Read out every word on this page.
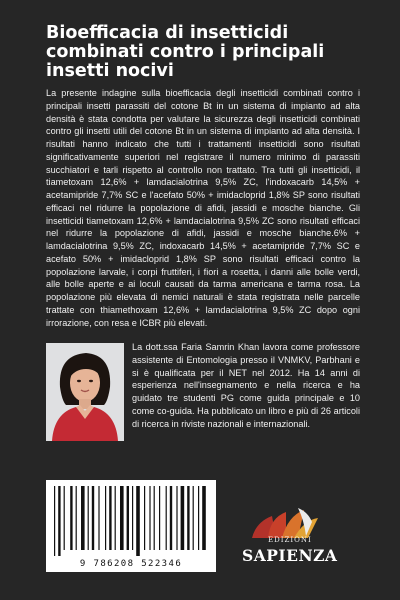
Bioefficacia di insetticidi combinati contro i principali insetti nocivi

La presente indagine sulla bioefficacia degli insetticidi combinati contro i principali insetti parassiti del cotone Bt in un sistema di impianto ad alta densità è stata condotta per valutare la sicurezza degli insetticidi combinati contro gli insetti utili del cotone Bt in un sistema di impianto ad alta densità. I risultati hanno indicato che tutti i trattamenti insetticidi sono risultati significativamente superiori nel registrare il numero minimo di parassiti succhiatori e tarli rispetto al controllo non trattato. Tra tutti gli insetticidi, il tiametoxam 12,6% + lamdacialotrina 9,5% ZC, l'indoxacarb 14,5% + acetamipride 7,7% SC e l'acefato 50% + imidacloprid 1,8% SP sono risultati efficaci nel ridurre la popolazione di afidi, jassidi e mosche bianche. Gli insetticidi tiametoxam 12,6% + lamdacialotrina 9,5% ZC sono risultati efficaci nel ridurre la popolazione di afidi, jassidi e mosche bianche.6% + lamdacialotrina 9,5% ZC, indoxacarb 14,5% + acetamipride 7,7% SC e acefato 50% + imidacloprid 1,8% SP sono risultati efficaci contro la popolazione larvale, i corpi fruttiferi, i fiori a rosetta, i danni alle bolle verdi, alle bolle aperte e ai loculi causati da tarma americana e tarma rosa. La popolazione più elevata di nemici naturali è stata registrata nelle parcelle trattate con thiamethoxam 12,6% + lamdacialotrina 9,5% ZC dopo ogni irrorazione, con resa e ICBR più elevati.

La dott.ssa Faria Samrin Khan lavora come professore assistente di Entomologia presso il VNMKV, Parbhani e si è qualificata per il NET nel 2012. Ha 14 anni di esperienza nell'insegnamento e nella ricerca e ha guidato tre studenti PG come guida principale e 10 come co-guida. Ha pubblicato un libro e più di 26 articoli di ricerca in riviste nazionali e internazionali.

9 786208 522346
EDIZIONI
SAPIENZA
